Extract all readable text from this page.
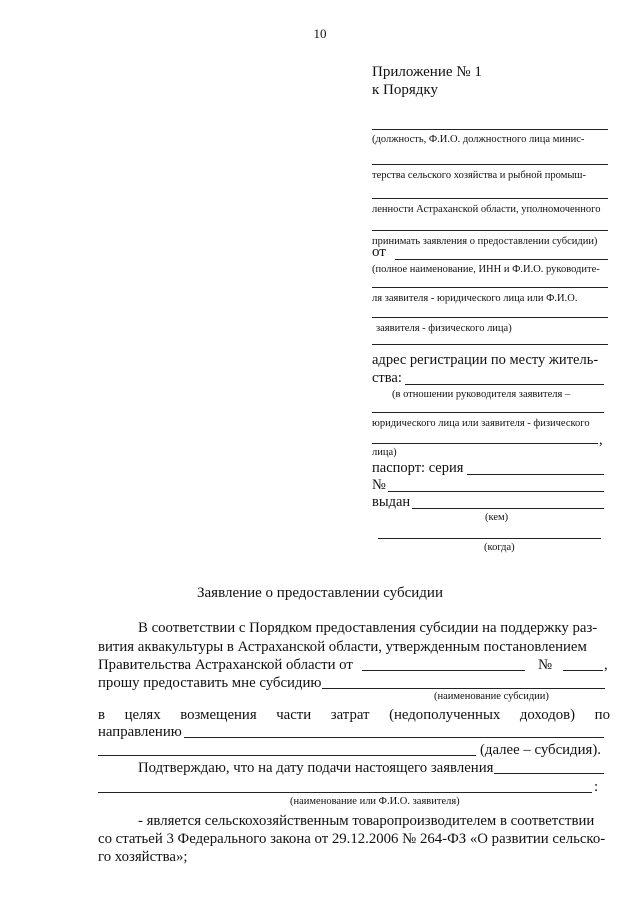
10
Приложение № 1
к Порядку
(должность, Ф.И.О. должностного лица минис-
терства сельского хозяйства и рыбной промыш-
ленности Астраханской области, уполномоченного
принимать заявления о предоставлении субсидии)
от
(полное наименование, ИНН и Ф.И.О. руководите-
ля заявителя - юридического лица или Ф.И.О.
заявителя - физического лица)
адрес регистрации по месту житель-
ства:
(в отношении руководителя заявителя –
юридического лица или заявителя - физического
,
лица)
паспорт: серия
№
выдан
(кем)
(когда)
Заявление о предоставлении субсидии
В соответствии с Порядком предоставления субсидии на поддержку раз-
вития аквакультуры в Астраханской области, утвержденным постановлением
Правительства Астраханской области от	№	,
прошу предоставить мне субсидию
(наименование субсидии)
в целях возмещения части затрат (недополученных доходов) по
направлению
(далее – субсидия).
Подтверждаю, что на дату подачи настоящего заявления
:
(наименование или Ф.И.О. заявителя)
- является сельскохозяйственным товаропроизводителем в соответствии
со статьей 3 Федерального закона от 29.12.2006 № 264-ФЗ «О развитии сельско-
го хозяйства»;
